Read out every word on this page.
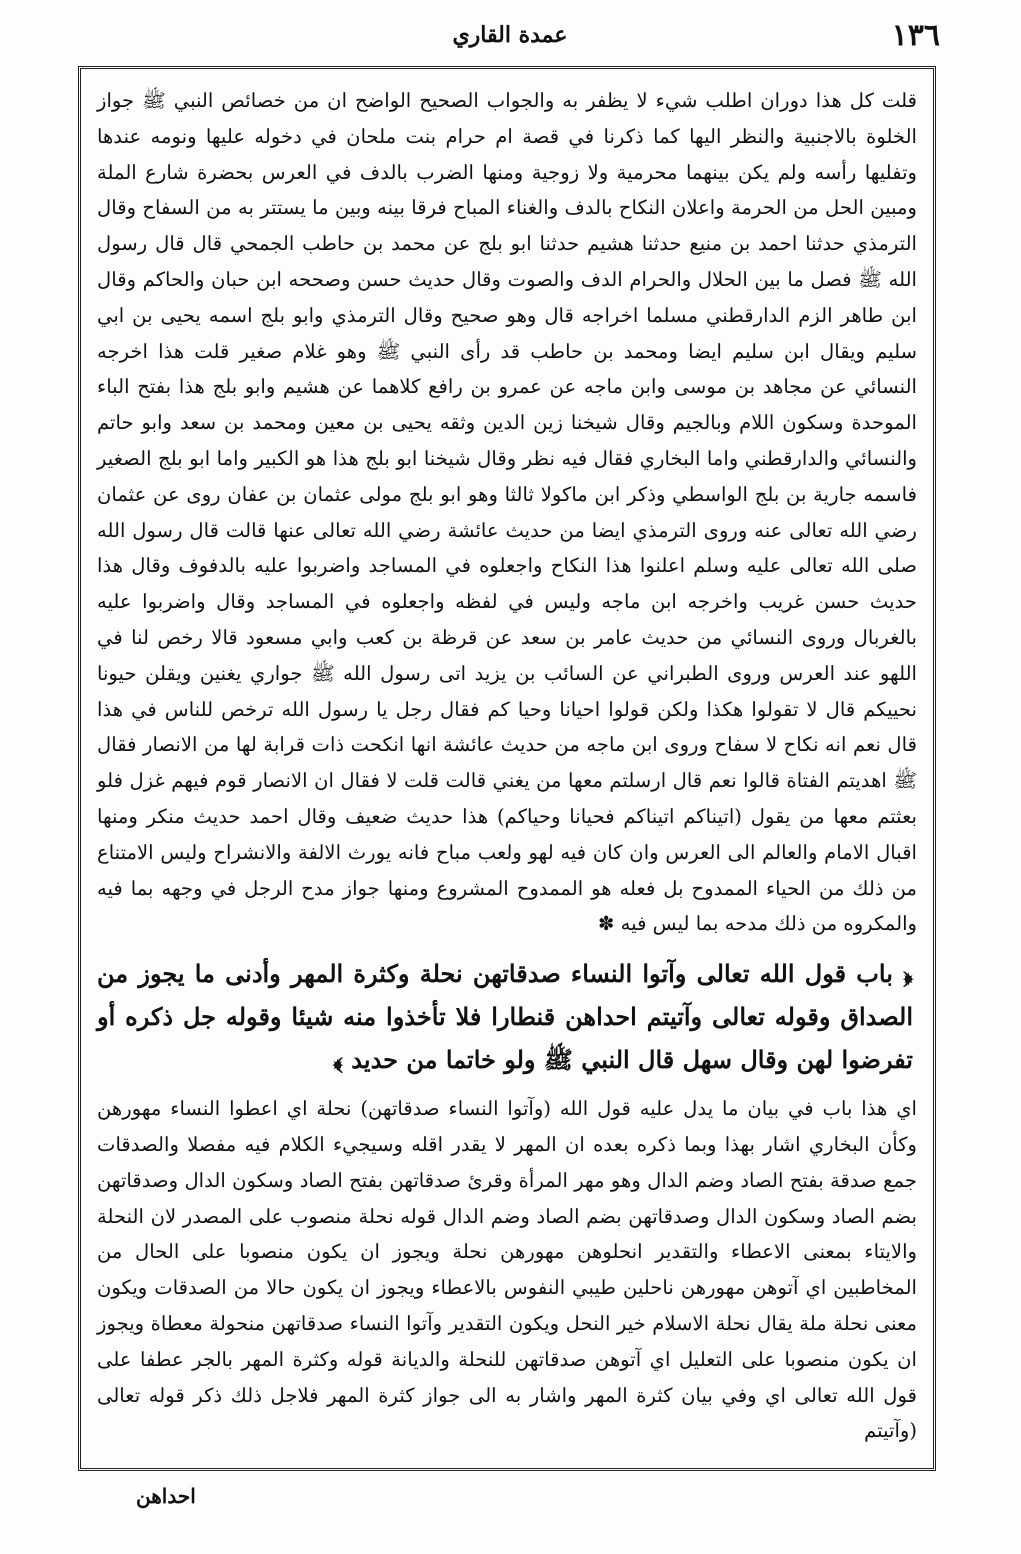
١٣٦
عمدة القاري

قلت كل هذا دوران اطلب شيء لا يظفر به والجواب الصحيح الواضح ان من خصائص النبي ﷺ جواز الخلوة بالاجنبية والنظر اليها كما ذكرنا في قصة ام حرام بنت ملحان في دخوله عليها ونومه عندها وتفليها رأسه ولم يكن بينهما محرمية ولا زوجية ومنها الضرب بالدف في العرس بحضرة شارع الملة ومبين الحل من الحرمة واعلان النكاح بالدف والغناء المباح فرقا بينه وبين ما يستتر به من السفاح وقال الترمذي حدثنا احمد بن منيع حدثنا هشيم حدثنا ابو بلج عن محمد بن حاطب الجمحي قال قال رسول الله ﷺ فصل ما بين الحلال والحرام الدف والصوت وقال حديث حسن وصححه ابن حبان والحاكم وقال ابن طاهر الزم الدارقطني مسلما اخراجه قال وهو صحيح وقال الترمذي وابو بلج اسمه يحيى بن ابي سليم ويقال ابن سليم ايضا ومحمد بن حاطب قد رأى النبي ﷺ وهو غلام صغير قلت هذا اخرجه النسائي عن مجاهد بن موسى وابن ماجه عن عمرو بن رافع كلاهما عن هشيم وابو بلج هذا بفتح الباء الموحدة وسكون اللام وبالجيم وقال شيخنا زين الدين وثقه يحيى بن معين ومحمد بن سعد وابو حاتم والنسائي والدارقطني واما البخاري فقال فيه نظر وقال شيخنا ابو بلج هذا هو الكبير واما ابو بلج الصغير فاسمه جارية بن بلج الواسطي وذكر ابن ماكولا ثالثا وهو ابو بلج مولى عثمان بن عفان روى عن عثمان رضي الله تعالى عنه وروى الترمذي ايضا من حديث عائشة رضي الله تعالى عنها قالت قال رسول الله صلى الله تعالى عليه وسلم اعلنوا هذا النكاح واجعلوه في المساجد واضربوا عليه بالدفوف وقال هذا حديث حسن غريب واخرجه ابن ماجه وليس في لفظه واجعلوه في المساجد وقال واضربوا عليه بالغربال وروى النسائي من حديث عامر بن سعد عن قرظة بن كعب وابي مسعود قالا رخص لنا في اللهو عند العرس وروى الطبراني عن السائب بن يزيد اتى رسول الله ﷺ جواري يغنين ويقلن حيونا نحييكم قال لا تقولوا هكذا ولكن قولوا احيانا وحيا كم فقال رجل يا رسول الله ترخص للناس في هذا قال نعم انه نكاح لا سفاح وروى ابن ماجه من حديث عائشة انها انكحت ذات قرابة لها من الانصار فقال ﷺ اهديتم الفتاة قالوا نعم قال ارسلتم معها من يغني قالت قلت لا فقال ان الانصار قوم فيهم غزل فلو بعثتم معها من يقول (اتيناكم اتيناكم فحيانا وحياكم) هذا حديث ضعيف وقال احمد حديث منكر ومنها اقبال الامام والعالم الى العرس وان كان فيه لهو ولعب مباح فانه يورث الالفة والانشراح وليس الامتناع من ذلك من الحياء الممدوح بل فعله هو الممدوح المشروع ومنها جواز مدح الرجل في وجهه بما فيه والمكروه من ذلك مدحه بما ليس فيه ✽

﴿ باب قول الله تعالى وآتوا النساء صدقاتهن نحلة وكثرة المهر وأدنى ما يجوز من الصداق وقوله تعالى وآتيتم احداهن قنطارا فلا تأخذوا منه شيئا وقوله جل ذكره أو تفرضوا لهن وقال سهل قال النبي ﷺ ولو خاتما من حديد ﴾

اي هذا باب في بيان ما يدل عليه قول الله (وآتوا النساء صدقاتهن) نحلة اي اعطوا النساء مهورهن وكأن البخاري اشار بهذا وبما ذكره بعده ان المهر لا يقدر اقله وسيجيء الكلام فيه مفصلا والصدقات جمع صدقة بفتح الصاد وضم الدال وهو مهر المرأة وقرئ صدقاتهن بفتح الصاد وسكون الدال وصدقاتهن بضم الصاد وسكون الدال وصدقاتهن بضم الصاد وضم الدال قوله نحلة منصوب على المصدر لان النحلة والايتاء بمعنى الاعطاء والتقدير انحلوهن مهورهن نحلة ويجوز ان يكون منصوبا على الحال من المخاطبين اي آتوهن مهورهن ناحلين طيبي النفوس بالاعطاء ويجوز ان يكون حالا من الصدقات ويكون معنى نحلة ملة يقال نحلة الاسلام خير النحل ويكون التقدير وآتوا النساء صدقاتهن منحولة معطاة ويجوز ان يكون منصوبا على التعليل اي آتوهن صدقاتهن للنحلة والديانة قوله وكثرة المهر بالجر عطفا على قول الله تعالى اي وفي بيان كثرة المهر واشار به الى جواز كثرة المهر فلاجل ذلك ذكر قوله تعالى (وآتيتم

احداهن
